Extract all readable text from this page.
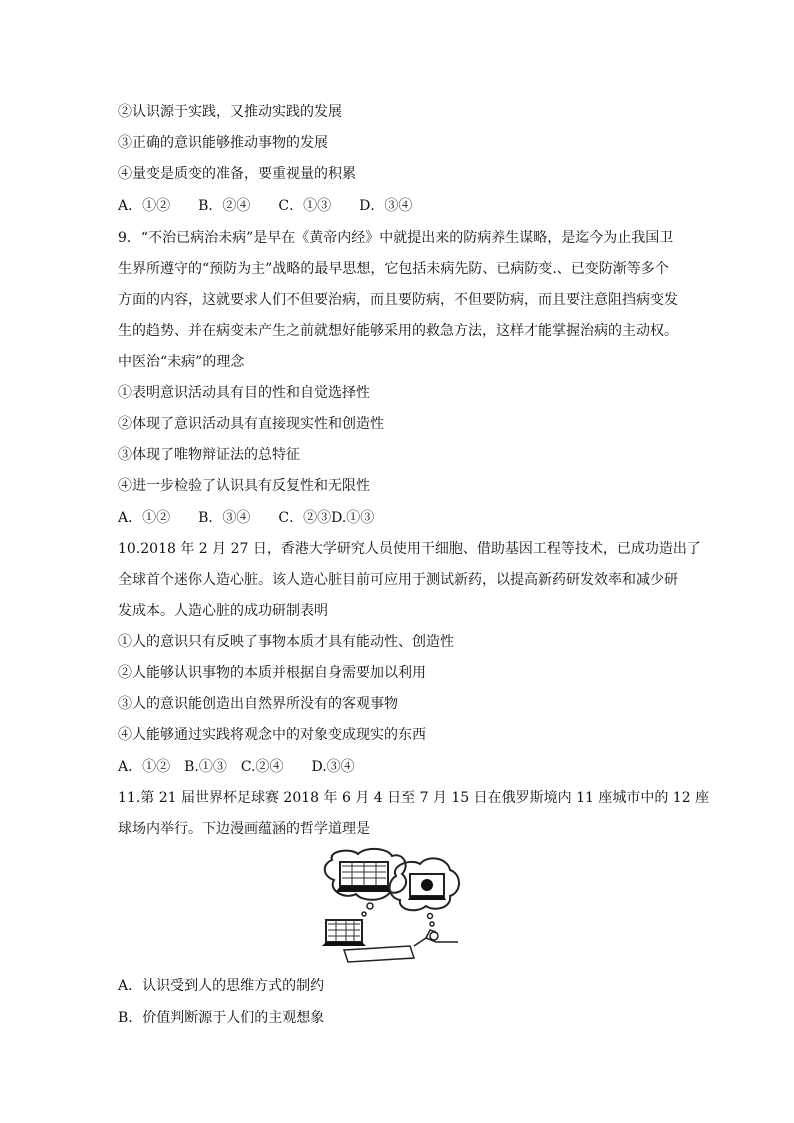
②认识源于实践，又推动实践的发展
③正确的意识能够推动事物的发展
④量变是质变的准备，要重视量的积累
A．①②　　B．②④　　C．①③　　D．③④
9．“不治已病治未病”是早在《黄帝内经》中就提出来的防病养生谋略，是迄今为止我国卫
生界所遵守的“预防为主”战略的最早思想，它包括未病先防、已病防变.、已变防渐等多个
方面的内容，这就要求人们不但要治病，而且要防病，不但要防病，而且要注意阻挡病变发
生的趋势、并在病变未产生之前就想好能够采用的救急方法，这样才能掌握治病的主动权。
中医治“未病”的理念
①表明意识活动具有目的性和自觉选择性
②体现了意识活动具有直接现实性和创造性
③体现了唯物辩证法的总特征
④进一步检验了认识具有反复性和无限性
A．①②　　B．③④　　C．②③D.①③
10.2018 年 2 月 27 日，香港大学研究人员使用干细胞、借助基因工程等技术，已成功造出了
全球首个迷你人造心脏。该人造心脏目前可应用于测试新药，以提高新药研发效率和减少研
发成本。人造心脏的成功研制表明
①人的意识只有反映了事物本质才具有能动性、创造性
②人能够认识事物的本质并根据自身需要加以利用
③人的意识能创造出自然界所没有的客观事物
④人能够通过实践将观念中的对象变成现实的东西
A．①②　B.①③　C.②④　　D.③④
11.第 21 届世界杯足球赛 2018 年 6 月 4 日至 7 月 15 日在俄罗斯境内 11 座城市中的 12 座
球场内举行。下边漫画蕴涵的哲学道理是
A．认识受到人的思维方式的制约
B．价值判断源于人们的主观想象
